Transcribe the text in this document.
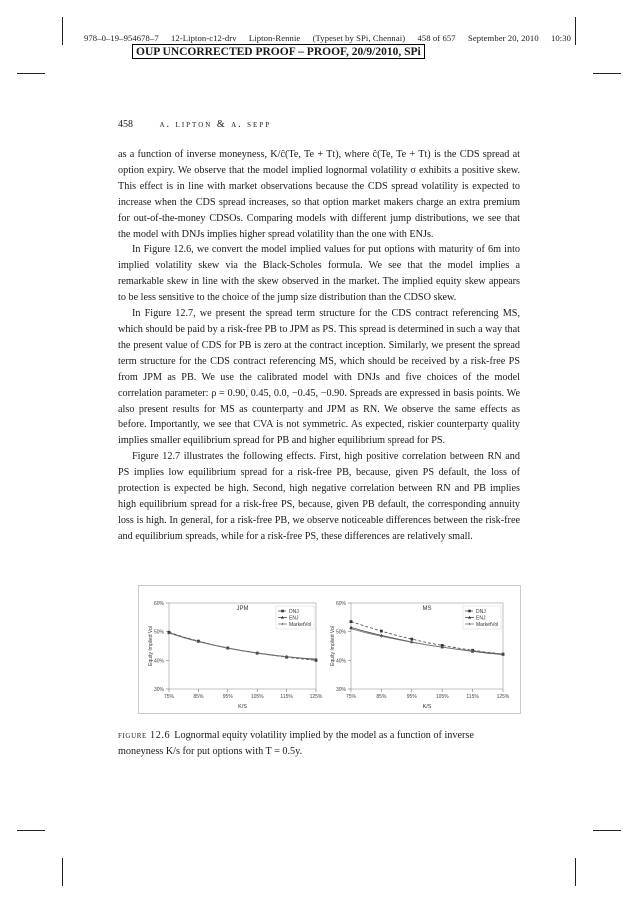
978–0–19–954678–7 12-Lipton-c12-drv Lipton-Rennie (Typeset by SPi, Chennai) 458 of 657 September 20, 2010 10:30
OUP UNCORRECTED PROOF – PROOF, 20/9/2010, SPi
458	a. lipton & a. sepp

as a function of inverse moneyness, K/ĉ(Te, Te + Tt), where ĉ(Te, Te + Tt) is the CDS spread at option expiry. We observe that the model implied lognormal volatility σ exhibits a positive skew. This effect is in line with market observations because the CDS spread volatility is expected to increase when the CDS spread increases, so that option market makers charge an extra premium for out-of-the-money CDSOs. Comparing models with different jump distributions, we see that the model with DNJs implies higher spread volatility than the one with ENJs.

In Figure 12.6, we convert the model implied values for put options with maturity of 6m into implied volatility skew via the Black-Scholes formula. We see that the model implies a remarkable skew in line with the skew observed in the market. The implied equity skew appears to be less sensitive to the choice of the jump size distribution than the CDSO skew.

In Figure 12.7, we present the spread term structure for the CDS contract referencing MS, which should be paid by a risk-free PB to JPM as PS. This spread is determined in such a way that the present value of CDS for PB is zero at the contract inception. Similarly, we present the spread term structure for the CDS contract referencing MS, which should be received by a risk-free PS from JPM as PB. We use the calibrated model with DNJs and five choices of the model correlation parameter: ρ = 0.90, 0.45, 0.0, −0.45, −0.90. Spreads are expressed in basis points. We also present results for MS as counterparty and JPM as RN. We observe the same effects as before. Importantly, we see that CVA is not symmetric. As expected, riskier counterparty quality implies smaller equilibrium spread for PB and higher equilibrium spread for PS.

Figure 12.7 illustrates the following effects. First, high positive correlation between RN and PS implies low equilibrium spread for a risk-free PB, because, given PS default, the loss of protection is expected be high. Second, high negative correlation between RN and PB implies high equilibrium spread for a risk-free PS, because, given PB default, the corresponding annuity loss is high. In general, for a risk-free PB, we observe noticeable differences between the risk-free and equilibrium spreads, while for a risk-free PS, these differences are relatively small.

30%
40%
50%
60%
75%	85%	95%	105%	115%	125%
JPM
K/S
Equity Implied Vol
DNJ
ENJ
MarketVol
30%
40%
50%
60%
75%	85%	95%	105%	115%	125%
MS
K/S
Equity Implied Vol
DNJ
ENJ
MarketVol
figure 12.6 Lognormal equity volatility implied by the model as a function of inverse moneyness K/s for put options with T = 0.5y.
